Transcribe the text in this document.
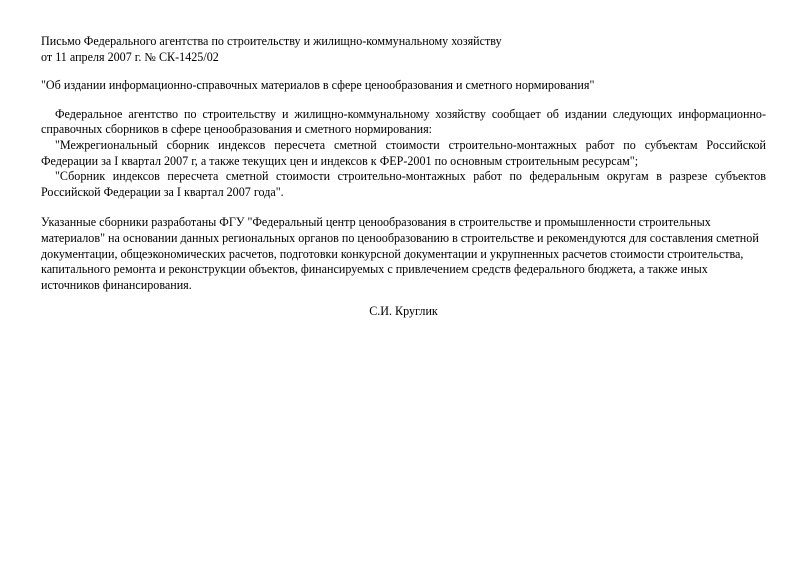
Письмо Федерального агентства по строительству и жилищно-коммунальному хозяйству

от 11 апреля 2007 г. № СК-1425/02

"Об издании информационно-справочных материалов в сфере ценообразования и сметного нормирования"

Федеральное агентство по строительству и жилищно-коммунальному хозяйству сообщает об издании следующих информационно-справочных сборников в сфере ценообразования и сметного нормирования:

"Межрегиональный сборник индексов пересчета сметной стоимости строительно-монтажных работ по субъектам Российской Федерации за I квартал 2007 г, а также текущих цен и индексов к ФЕР-2001 по основным строительным ресурсам";

"Сборник индексов пересчета сметной стоимости строительно-монтажных работ по федеральным округам в разрезе субъектов Российской Федерации за I квартал 2007 года".

Указанные сборники разработаны ФГУ "Федеральный центр ценообразования в строительстве и промышленности строительных материалов" на основании данных региональных органов по ценообразованию в строительстве и рекомендуются для составления сметной документации, общеэкономических расчетов, подготовки конкурсной документации и укрупненных расчетов стоимости строительства, капитального ремонта и реконструкции объектов, финансируемых с привлечением средств федерального бюджета, а также иных источников финансирования.

С.И. Круглик
